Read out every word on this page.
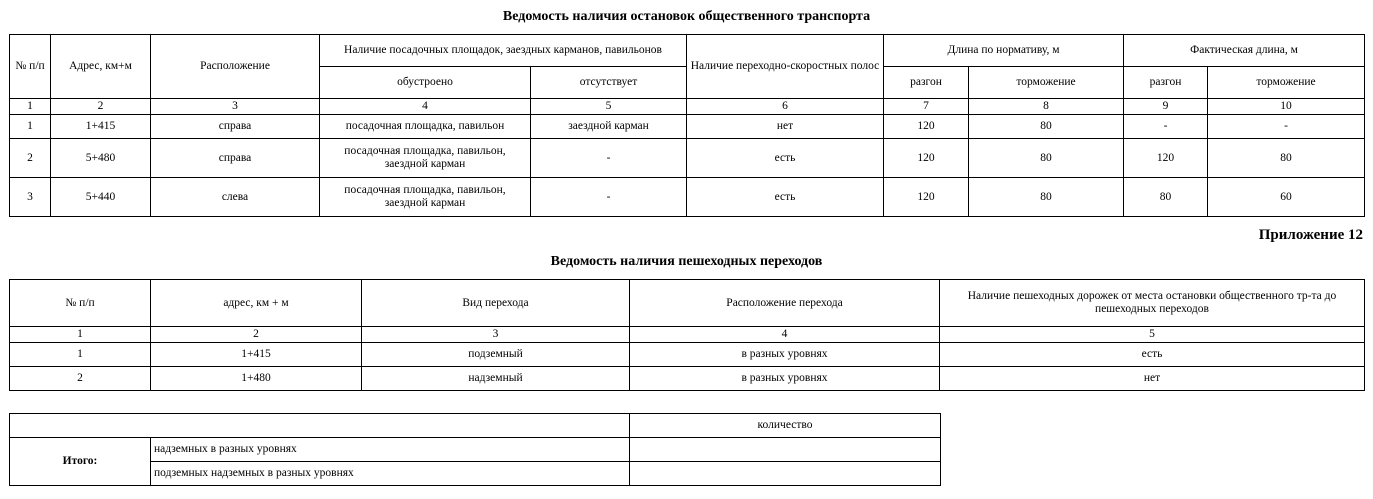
Ведомость наличия остановок общественного транспорта
№ п/п	Адрес, км+м	Расположение	Наличие посадочных площадок, заездных карманов, павильонов		Наличие переходно-скоростных полос	Длина по нормативу, м		Фактическая длина, м	
			обустроено	отсутствует		разгон	торможение	разгон	торможение
1	2	3	4	5	6	7	8	9	10
1	1+415	справа	посадочная площадка, павильон	заездной карман	нет	120	80	-	-
2	5+480	справа	посадочная площадка, павильон, заездной карман	-	есть	120	80	120	80
3	5+440	слева	посадочная площадка, павильон, заездной карман	-	есть	120	80	80	60
Приложение 12
Ведомость наличия пешеходных переходов
№ п/п	адрес, км + м	Вид перехода	Расположение перехода	Наличие пешеходных дорожек от места остановки общественного тр-та до пешеходных переходов
1	2	3	4	5
1	1+415	подземный	в разных уровнях	есть
2	1+480	надземный	в разных уровнях	нет
		количество
Итого:	надземных в разных уровнях	
	подземных надземных в разных уровнях	
